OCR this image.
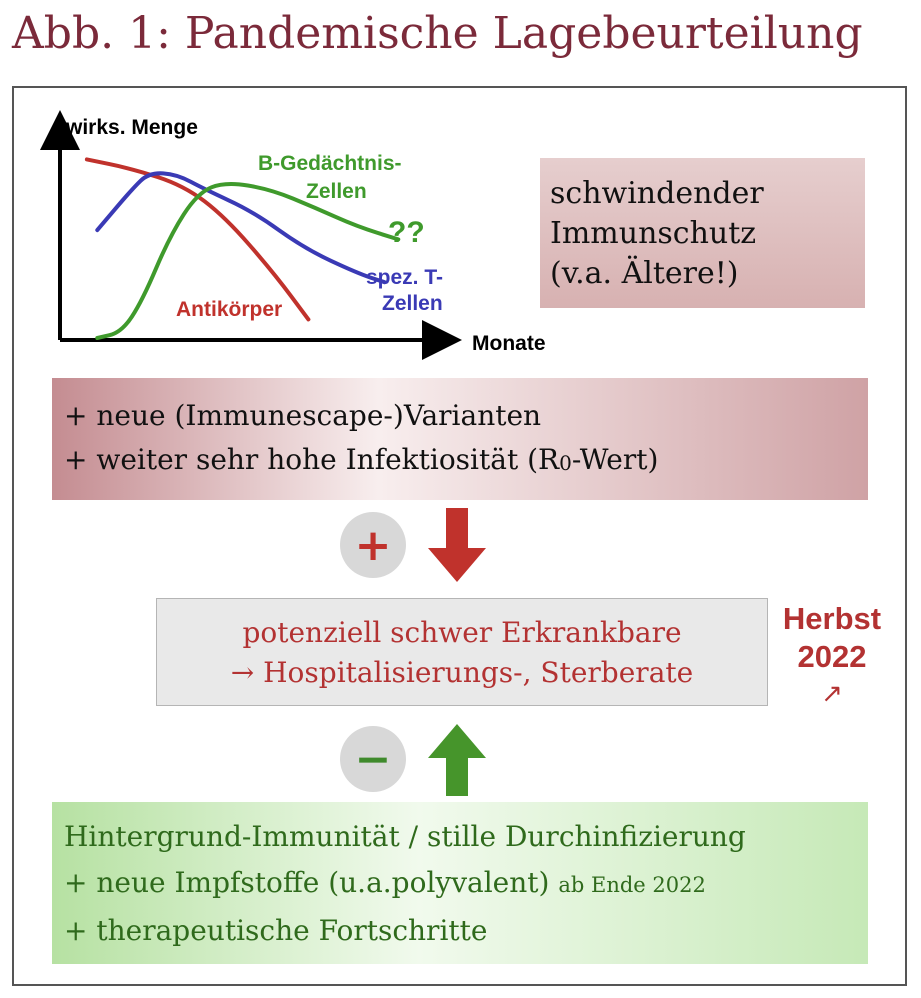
Abb. 1: Pandemische Lagebeurteilung
wirks. Menge
Monate
Antikörper
spez. T-
Zellen
B-Gedächtnis-
Zellen
??
schwindender
Immunschutz
(v.a. Ältere!)
+ neue (Immunescape-)Varianten
+ weiter sehr hohe Infektiosität (R0-Wert)
+
potenziell schwer Erkrankbare
→ Hospitalisierungs-, Sterberate
Herbst
2022
↗
−
Hintergrund-Immunität / stille Durchinfizierung
+ neue Impfstoffe (u.a.polyvalent) ab Ende 2022
+ therapeutische Fortschritte
